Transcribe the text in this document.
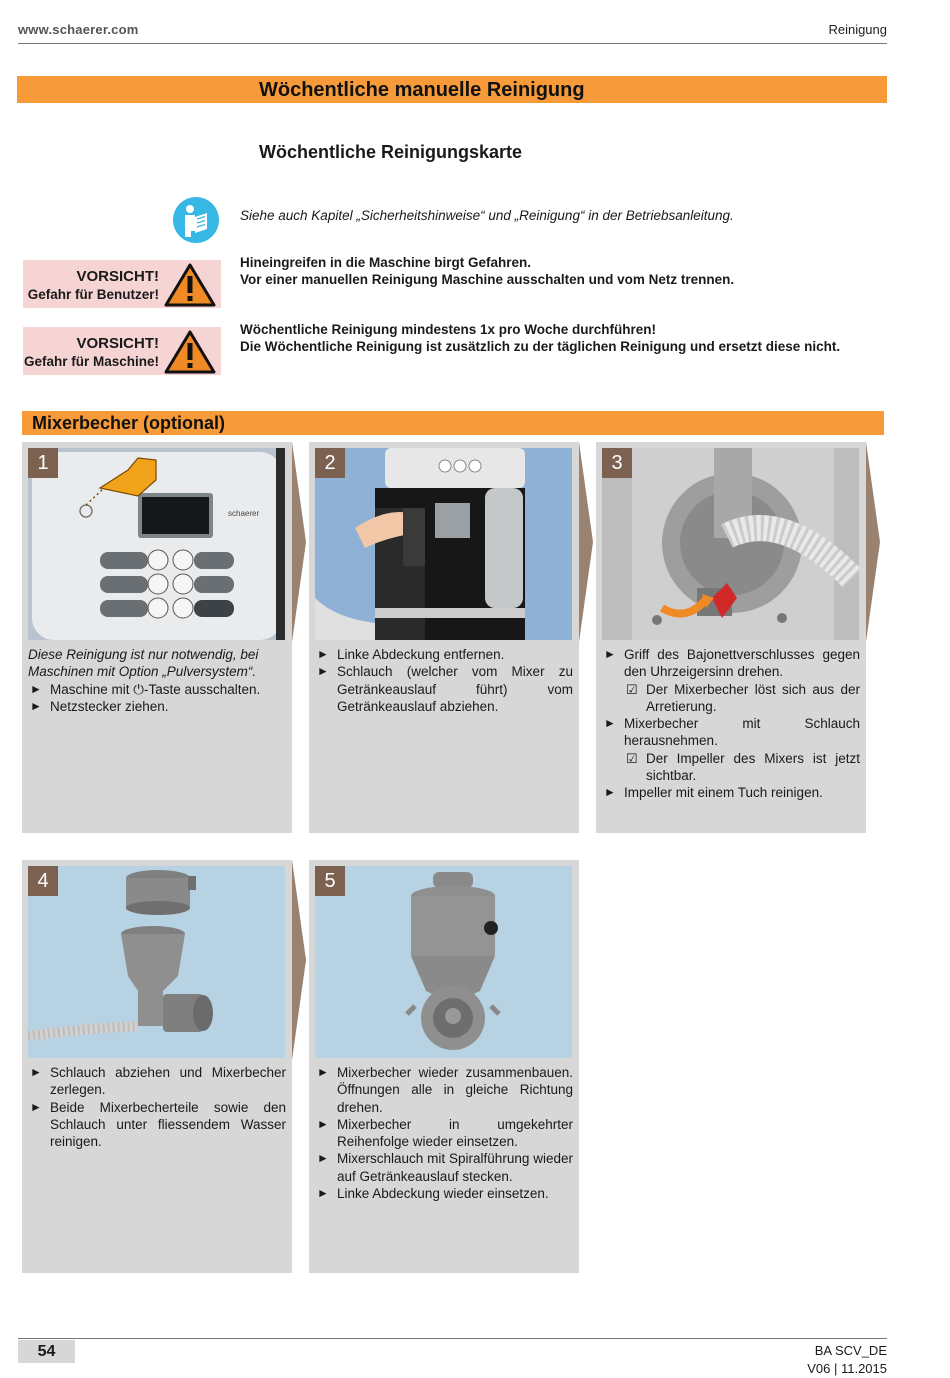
www.schaerer.com	Reinigung
Wöchentliche manuelle Reinigung
Wöchentliche Reinigungskarte
Siehe auch Kapitel „Sicherheitshinweise“ und „Reinigung“ in der Betriebsanleitung.
VORSICHT!
Gefahr für Benutzer!
Hineingreifen in die Maschine birgt Gefahren.
Vor einer manuellen Reinigung Maschine ausschalten und vom Netz trennen.
VORSICHT!
Gefahr für Maschine!
Wöchentliche Reinigung mindestens 1x pro Woche durchführen!
Die Wöchentliche Reinigung ist zusätzlich zu der täglichen Reinigung und ersetzt diese nicht.
Mixerbecher (optional)
schaerer
1
Diese Reinigung ist nur notwendig, bei Maschinen mit Option „Pulversystem“.
► Maschine mit ⏻-Taste ausschalten.
► Netzstecker ziehen.
2
► Linke Abdeckung entfernen.
► Schlauch (welcher vom Mixer zu Getränkeauslauf führt) vom Getränkeauslauf abziehen.
3
► Griff des Bajonettverschlusses gegen den Uhrzeigersinn drehen.
☑ Der Mixerbecher löst sich aus der Arretierung.
► Mixerbecher mit Schlauch herausnehmen.
☑ Der Impeller des Mixers ist jetzt sichtbar.
► Impeller mit einem Tuch reinigen.
4
► Schlauch abziehen und Mixerbecher zerlegen.
► Beide Mixerbecherteile sowie den Schlauch unter fliessendem Wasser reinigen.
5
► Mixerbecher wieder zusammenbauen. Öffnungen alle in gleiche Richtung drehen.
► Mixerbecher in umgekehrter Reihenfolge wieder einsetzen.
► Mixerschlauch mit Spiralführung wieder auf Getränkeauslauf stecken.
► Linke Abdeckung wieder einsetzen.
54	BA SCV_DE
V06 | 11.2015
